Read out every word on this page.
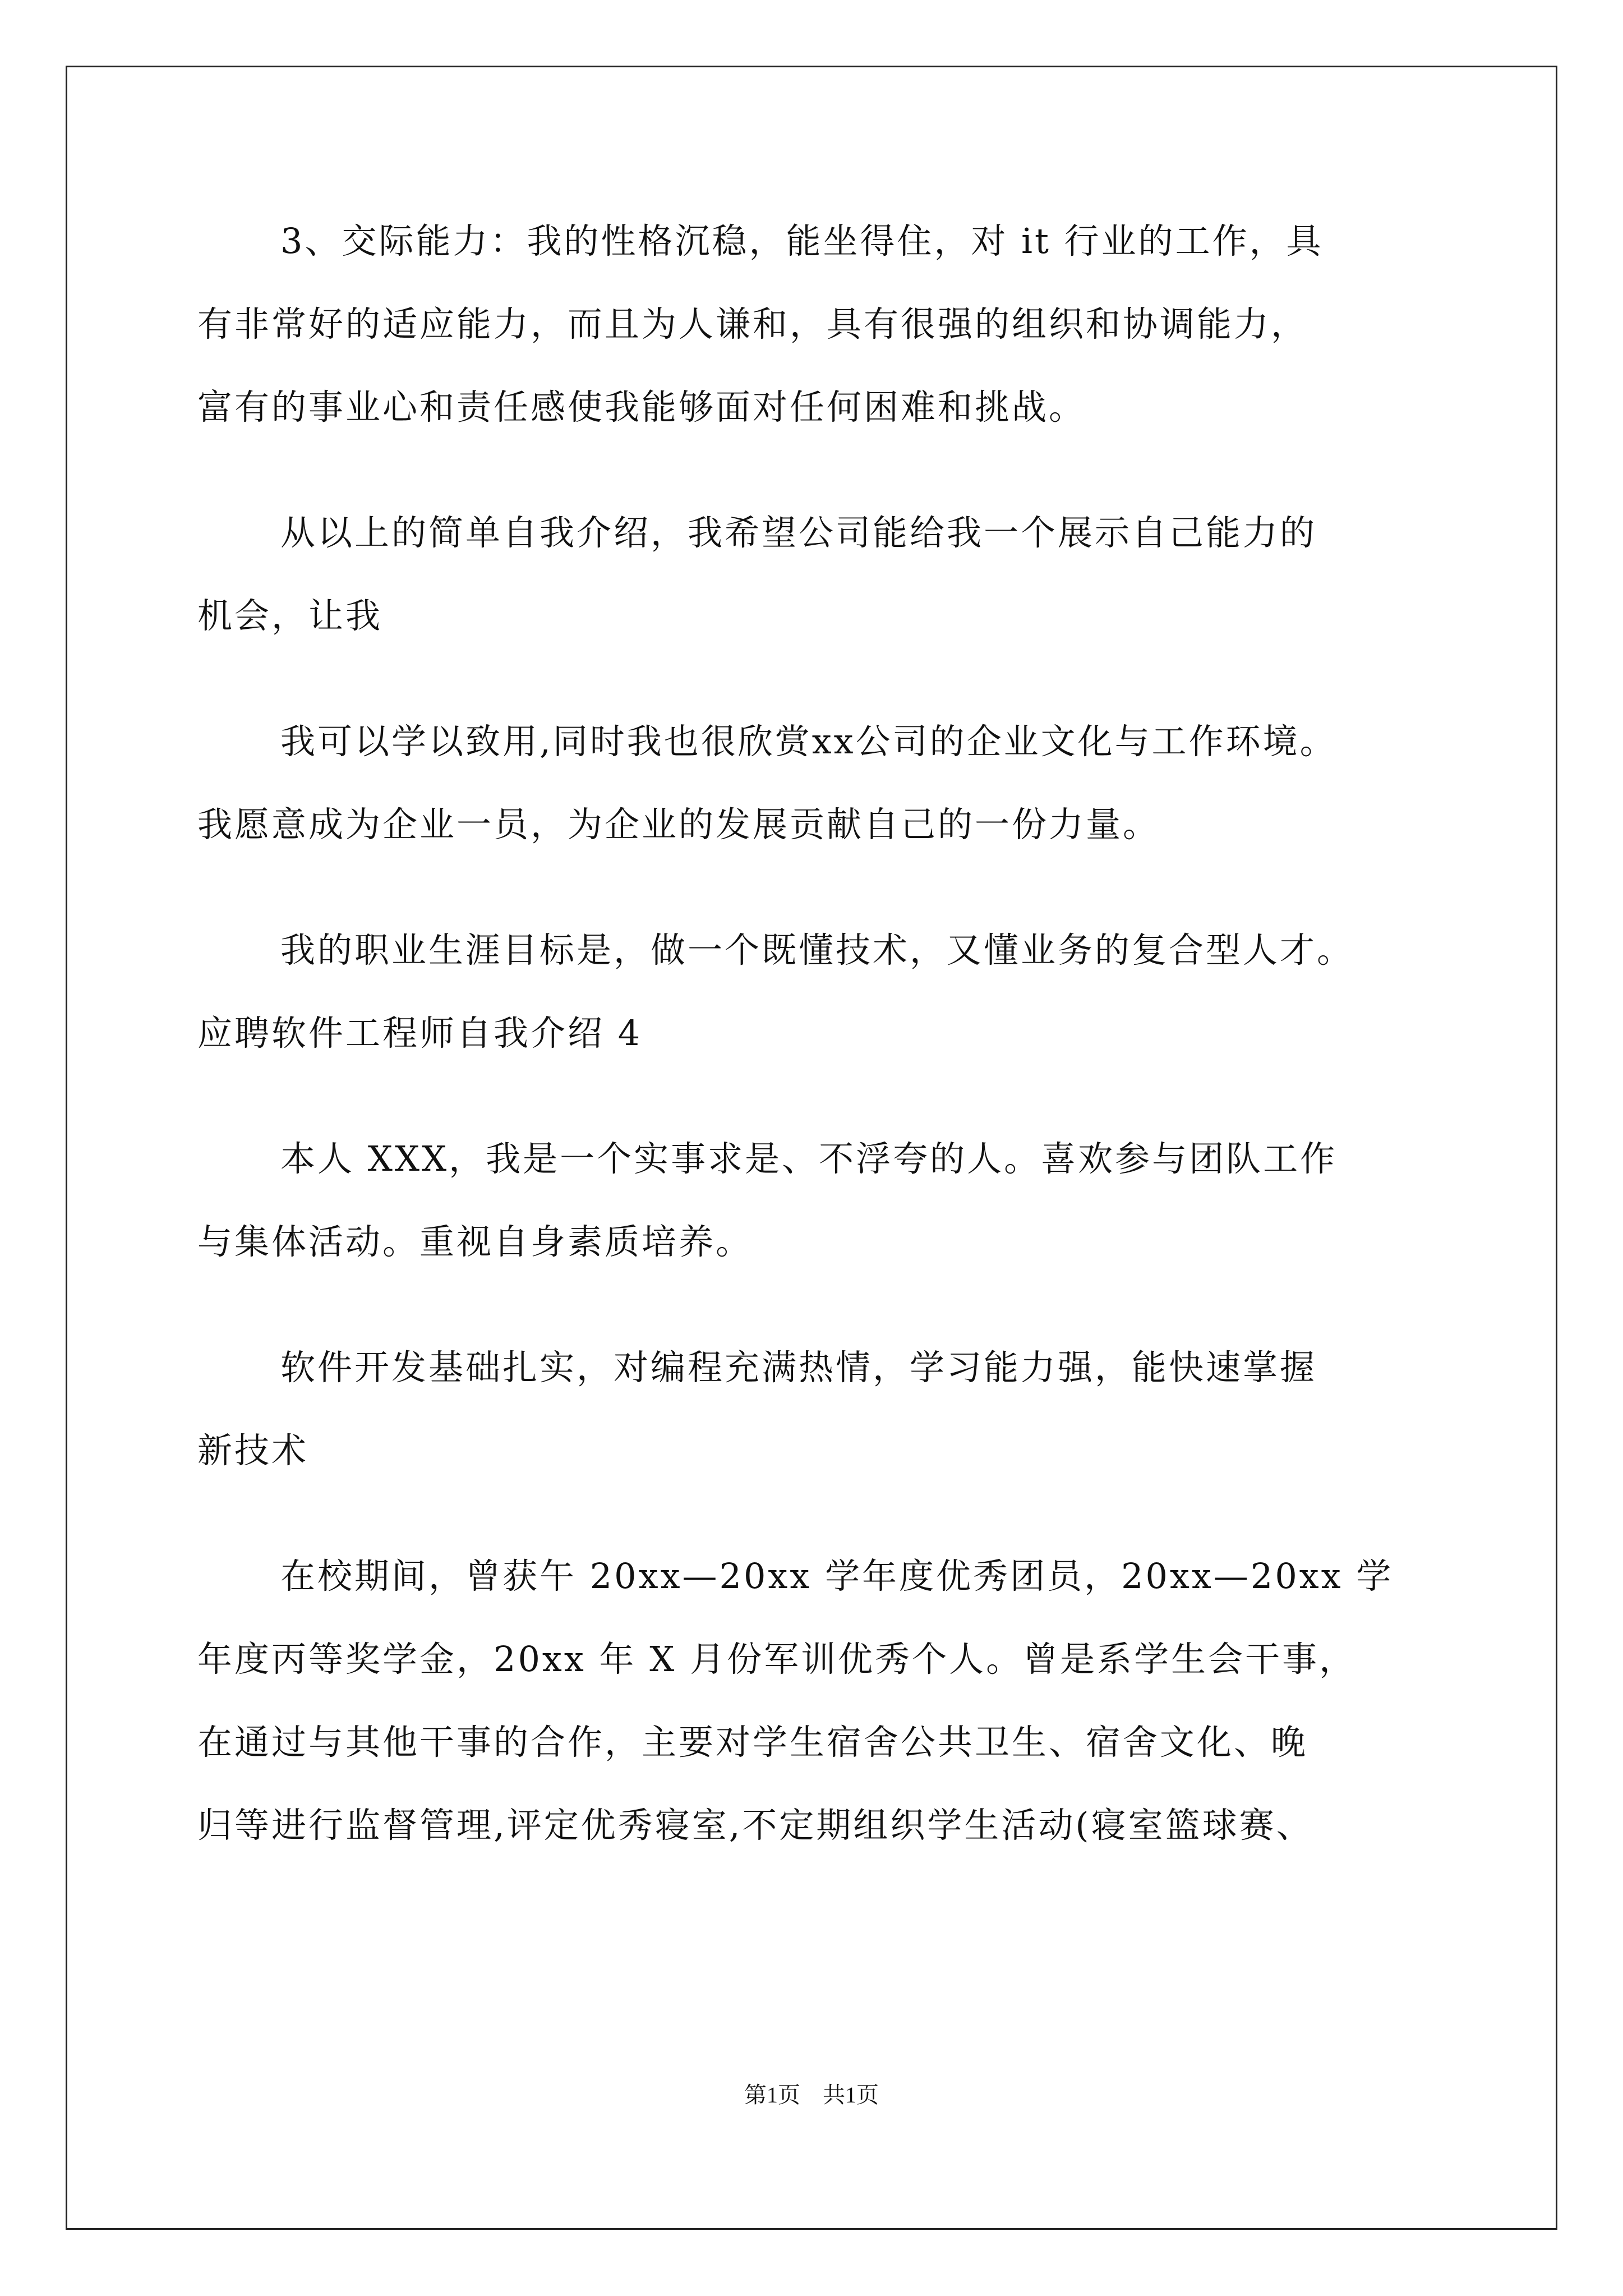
3、交际能力：我的性格沉稳，能坐得住，对 it 行业的工作，具
有非常好的适应能力，而且为人谦和，具有很强的组织和协调能力，
富有的事业心和责任感使我能够面对任何困难和挑战。
从以上的简单自我介绍，我希望公司能给我一个展示自己能力的
机会，让我
我可以学以致用,同时我也很欣赏xx公司的企业文化与工作环境。
我愿意成为企业一员，为企业的发展贡献自己的一份力量。
我的职业生涯目标是，做一个既懂技术，又懂业务的复合型人才。
应聘软件工程师自我介绍 4
本人 XXX，我是一个实事求是、不浮夸的人。喜欢参与团队工作
与集体活动。重视自身素质培养。
软件开发基础扎实，对编程充满热情，学习能力强，能快速掌握
新技术
在校期间，曾获午 20xx—20xx 学年度优秀团员，20xx—20xx 学
年度丙等奖学金，20xx 年 X 月份军训优秀个人。曾是系学生会干事，
在通过与其他干事的合作，主要对学生宿舍公共卫生、宿舍文化、晚
归等进行监督管理,评定优秀寝室,不定期组织学生活动(寝室篮球赛、
第1页　共1页
